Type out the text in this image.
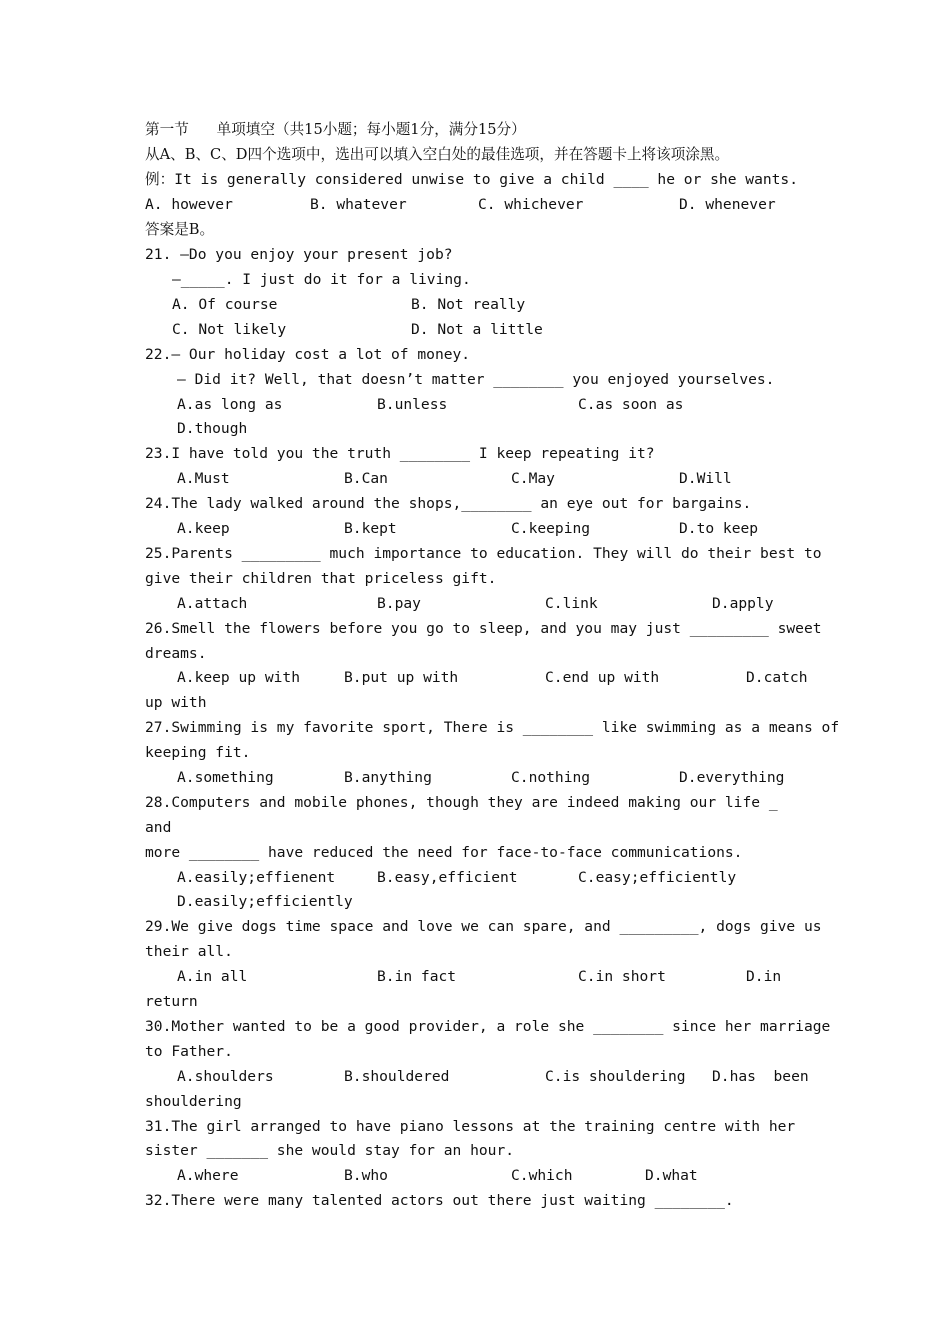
第一节      单项填空（共15小题；每小题1分，满分15分）
从A、B、C、D四个选项中，选出可以填入空白处的最佳选项，并在答题卡上将该项涂黑。
例：It is generally considered unwise to give a child ____ he or she wants.
A. however	B. whatever	C. whichever	D. whenever
答案是B。
21. —Do you enjoy your present job?
—_____. I just do it for a living.
A. Of course	B. Not really
C. Not likely	D. Not a little
22.— Our holiday cost a lot of money.
— Did it? Well, that doesn’t matter ________ you enjoyed yourselves.
A.as long as	B.unless	C.as soon as
D.though
23.I have told you the truth ________ I keep repeating it?
A.Must	B.Can	C.May	D.Will
24.The lady walked around the shops,________ an eye out for bargains.
A.keep	B.kept	C.keeping	D.to keep
25.Parents _________ much importance to education. They will do their best to
give their children that priceless gift.
A.attach	B.pay	C.link	D.apply
26.Smell the flowers before you go to sleep, and you may just _________ sweet
dreams.
A.keep up with	B.put up with	C.end up with	D.catch
up with
27.Swimming is my favorite sport, There is ________ like swimming as a means of
keeping fit.
A.something	B.anything	C.nothing	D.everything
28.Computers and mobile phones, though they are indeed making our life _
and
more ________ have reduced the need for face-to-face communications.
A.easily;effienent	B.easy,efficient	C.easy;efficiently
D.easily;efficiently
29.We give dogs time space and love we can spare, and _________, dogs give us
their all.
A.in all	B.in fact	C.in short	D.in
return
30.Mother wanted to be a good provider, a role she ________ since her marriage
to Father.
A.shoulders	B.shouldered	C.is shouldering D.has  been
shouldering
31.The girl arranged to have piano lessons at the training centre with her
sister _______ she would stay for an hour.
A.where	B.who	C.which	D.what
32.There were many talented actors out there just waiting ________.
